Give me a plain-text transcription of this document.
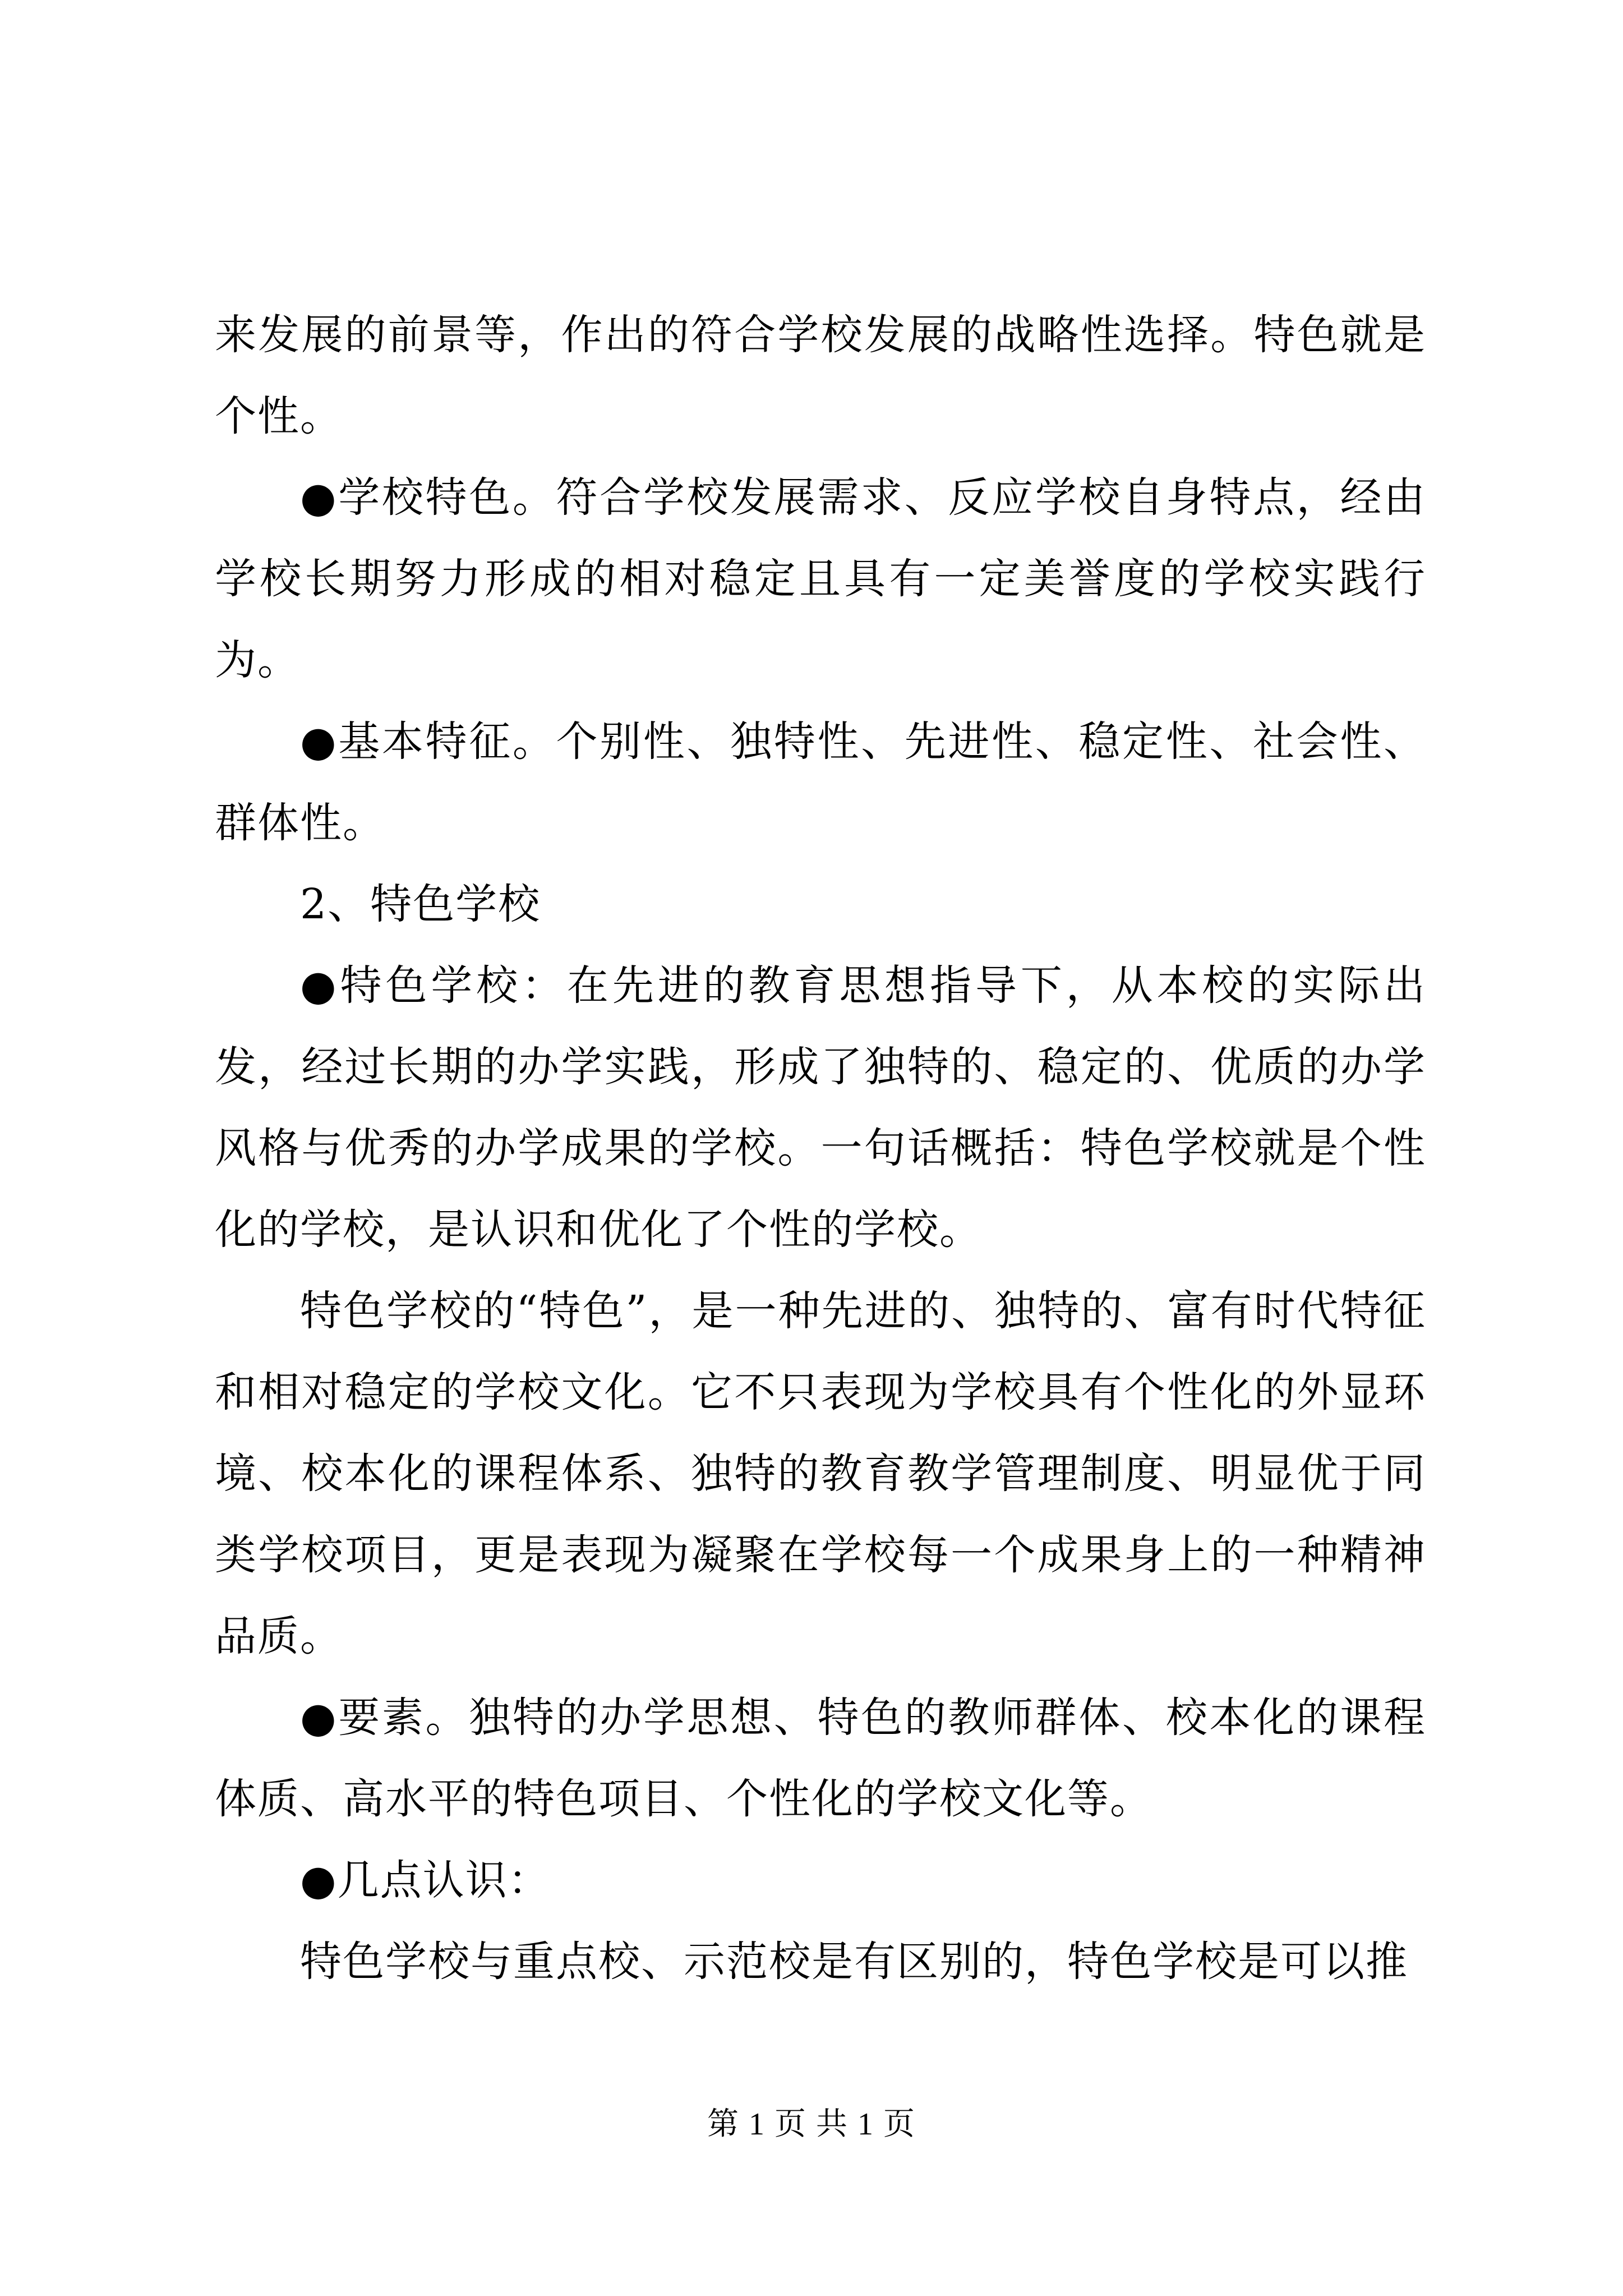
来发展的前景等，作出的符合学校发展的战略性选择。特色就是个性。

●学校特色。符合学校发展需求、反应学校自身特点，经由学校长期努力形成的相对稳定且具有一定美誉度的学校实践行为。

●基本特征。个别性、独特性、先进性、稳定性、社会性、群体性。

2、特色学校

●特色学校：在先进的教育思想指导下，从本校的实际出发，经过长期的办学实践，形成了独特的、稳定的、优质的办学风格与优秀的办学成果的学校。一句话概括：特色学校就是个性化的学校，是认识和优化了个性的学校。

特色学校的“特色”，是一种先进的、独特的、富有时代特征和相对稳定的学校文化。它不只表现为学校具有个性化的外显环境、校本化的课程体系、独特的教育教学管理制度、明显优于同类学校项目，更是表现为凝聚在学校每一个成果身上的一种精神品质。

●要素。独特的办学思想、特色的教师群体、校本化的课程体质、高水平的特色项目、个性化的学校文化等。

●几点认识：

特色学校与重点校、示范校是有区别的，特色学校是可以推

第 1 页 共 1 页
